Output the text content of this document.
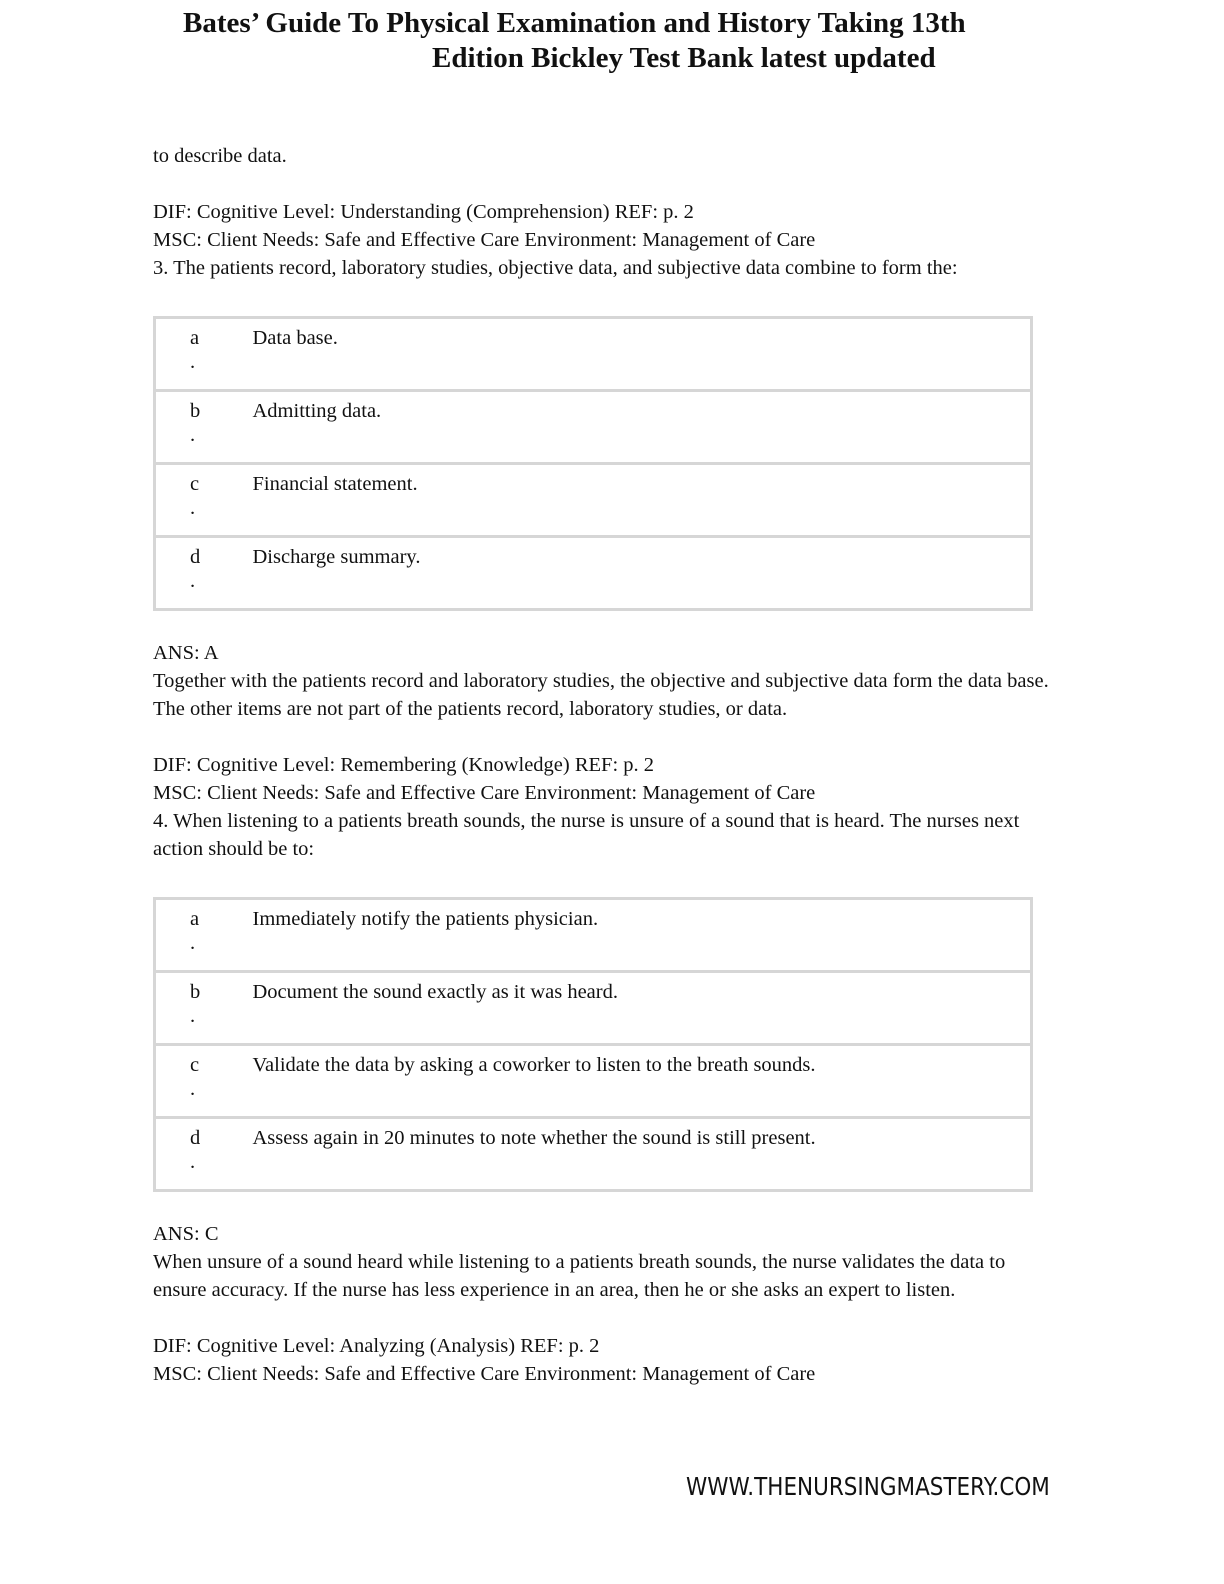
Bates’ Guide To Physical Examination and History Taking 13th
Edition Bickley Test Bank latest updated

to describe data.

DIF: Cognitive Level: Understanding (Comprehension) REF: p. 2

MSC: Client Needs: Safe and Effective Care Environment: Management of Care

3. The patients record, laboratory studies, objective data, and subjective data combine to form the:

a
.	Data base.

b
.	Admitting data.

c
.	Financial statement.

d
.	Discharge summary.

ANS: A

Together with the patients record and laboratory studies, the objective and subjective data form the data base. The other items are not part of the patients record, laboratory studies, or data.

DIF: Cognitive Level: Remembering (Knowledge) REF: p. 2

MSC: Client Needs: Safe and Effective Care Environment: Management of Care

4. When listening to a patients breath sounds, the nurse is unsure of a sound that is heard. The nurses next action should be to:

a
.	Immediately notify the patients physician.

b
.	Document the sound exactly as it was heard.

c
.	Validate the data by asking a coworker to listen to the breath sounds.

d
.	Assess again in 20 minutes to note whether the sound is still present.

ANS: C

When unsure of a sound heard while listening to a patients breath sounds, the nurse validates the data to ensure accuracy. If the nurse has less experience in an area, then he or she asks an expert to listen.

DIF: Cognitive Level: Analyzing (Analysis) REF: p. 2

MSC: Client Needs: Safe and Effective Care Environment: Management of Care

WWW.THENURSINGMASTERY.COM
